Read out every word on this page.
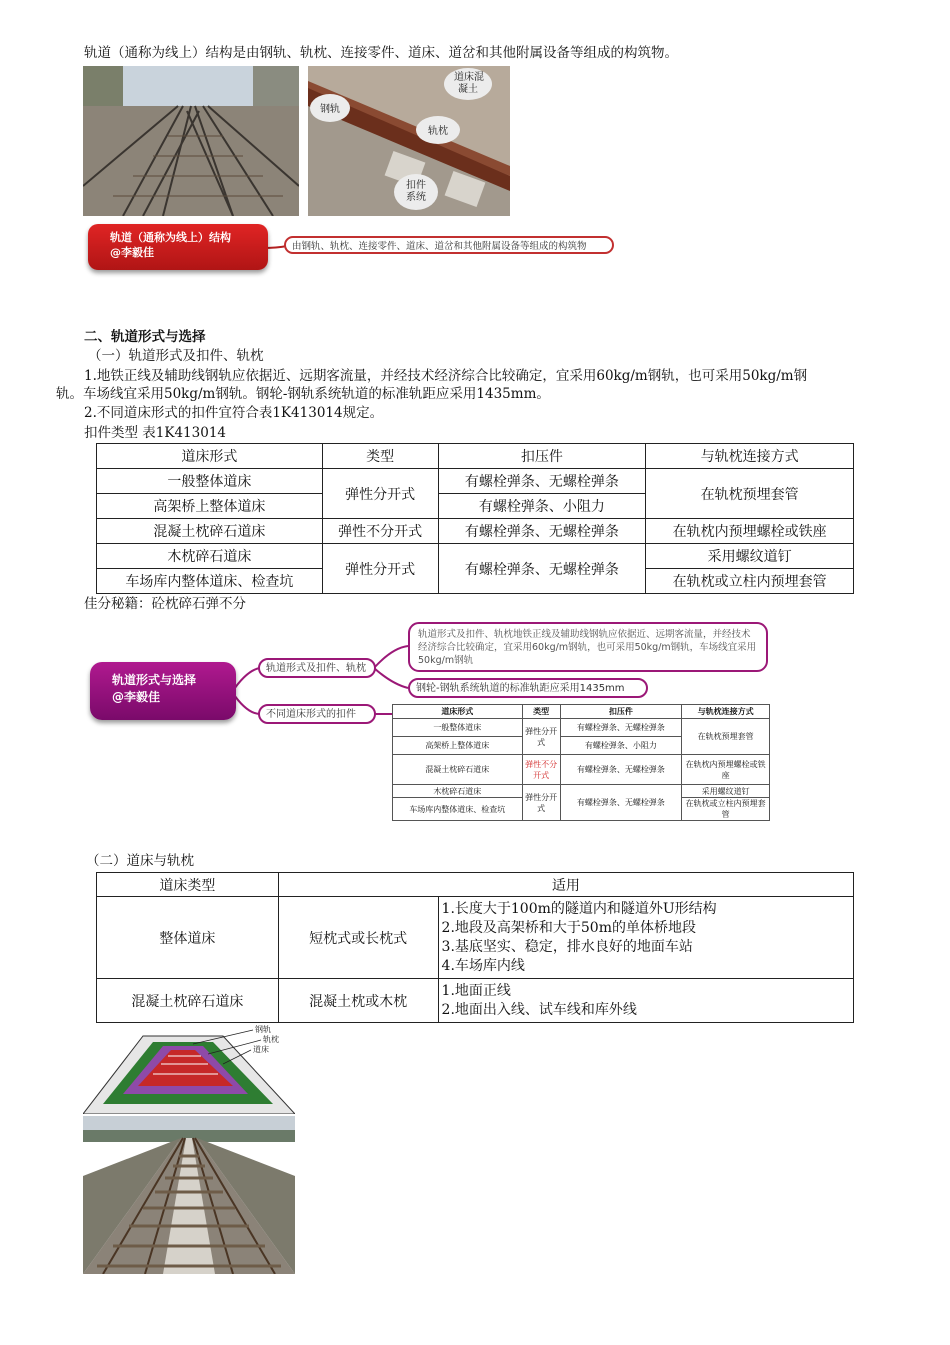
轨道（通称为线上）结构是由钢轨、轨枕、连接零件、道床、道岔和其他附属设备等组成的构筑物。
道床混
凝土
钢轨
轨枕
扣件
系统
轨道（通称为线上）结构
@李毅佳	由钢轨、轨枕、连接零件、道床、道岔和其他附属设备等组成的构筑物
二、轨道形式与选择
（一）轨道形式及扣件、轨枕
1.地铁正线及辅助线钢轨应依据近、远期客流量，并经技术经济综合比较确定，宜采用60kg/m钢轨，也可采用50kg/m钢
轨。车场线宜采用50kg/m钢轨。钢轮-钢轨系统轨道的标准轨距应采用1435mm。
2.不同道床形式的扣件宜符合表1K413014规定。
扣件类型 表1K413014
道床形式	类型	扣压件	与轨枕连接方式
一般整体道床	弹性分开式	有螺栓弹条、无螺栓弹条	在轨枕预埋套管
高架桥上整体道床		有螺栓弹条、小阻力	
混凝土枕碎石道床	弹性不分开式	有螺栓弹条、无螺栓弹条	在轨枕内预埋螺栓或铁座
木枕碎石道床	弹性分开式	有螺栓弹条、无螺栓弹条	采用螺纹道钉
车场库内整体道床、检查坑			在轨枕或立柱内预埋套管
佳分秘籍：砼枕碎石弹不分
轨道形式与选择
@李毅佳
轨道形式及扣件、轨枕
轨道形式及扣件、轨枕地铁正线及辅助线钢轨应依据近、远期客流量，并经技术经济综合比较确定，宜采用60kg/m钢轨，也可采用50kg/m钢轨，车场线宜采用50kg/m钢轨
钢轮-钢轨系统轨道的标准轨距应采用1435mm
不同道床形式的扣件	道床形式	类型	扣压件	与轨枕连接方式
一般整体道床	弹性分开式	有螺栓弹条、无螺栓弹条	在轨枕预埋套管
高架桥上整体道床		有螺栓弹条、小阻力	
混凝土枕碎石道床	弹性不分开式	有螺栓弹条、无螺栓弹条	在轨枕内预埋螺栓或铁座
木枕碎石道床	弹性分开式	有螺栓弹条、无螺栓弹条	采用螺纹道钉
车场库内整体道床、检查坑			在轨枕或立柱内预埋套管
（二）道床与轨枕
道床类型	适用	
整体道床	短枕式或长枕式	1.长度大于100m的隧道内和隧道外U形结构
2.地段及高架桥和大于50m的单体桥地段
3.基底坚实、稳定，排水良好的地面车站
4.车场库内线

混凝土枕碎石道床	混凝土枕或木枕	1.地面正线
2.地面出入线、试车线和库外线
钢轨
轨枕
道床
